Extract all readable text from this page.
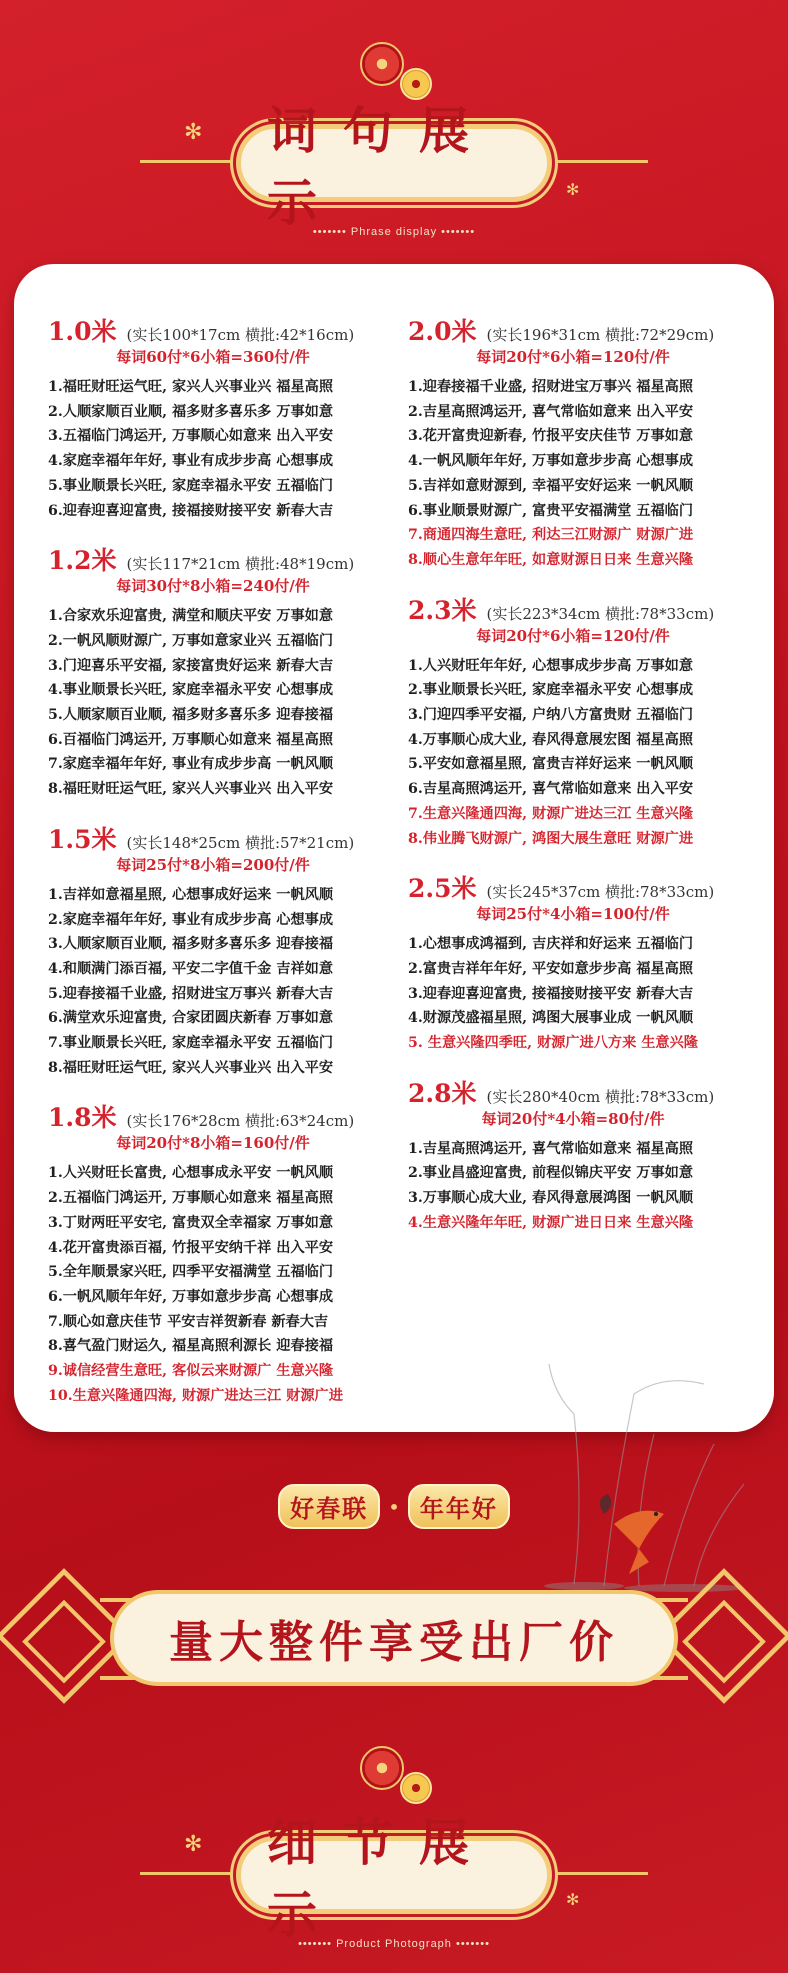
✻
✻
词句展示
••••••• Phrase display •••••••
1.0米 (实长100*17cm 横批:42*16cm)
每词60付*6小箱=360付/件
1.福旺财旺运气旺, 家兴人兴事业兴 福星高照
2.人顺家顺百业顺, 福多财多喜乐多 万事如意
3.五福临门鸿运开, 万事顺心如意来 出入平安
4.家庭幸福年年好, 事业有成步步高 心想事成
5.事业顺景长兴旺, 家庭幸福永平安 五福临门
6.迎春迎喜迎富贵, 接福接财接平安 新春大吉
1.2米 (实长117*21cm 横批:48*19cm)
每词30付*8小箱=240付/件
1.合家欢乐迎富贵, 满堂和顺庆平安 万事如意
2.一帆风顺财源广, 万事如意家业兴 五福临门
3.门迎喜乐平安福, 家接富贵好运来 新春大吉
4.事业顺景长兴旺, 家庭幸福永平安 心想事成
5.人顺家顺百业顺, 福多财多喜乐多 迎春接福
6.百福临门鸿运开, 万事顺心如意来 福星高照
7.家庭幸福年年好, 事业有成步步高 一帆风顺
8.福旺财旺运气旺, 家兴人兴事业兴 出入平安
1.5米 (实长148*25cm 横批:57*21cm)
每词25付*8小箱=200付/件
1.吉祥如意福星照, 心想事成好运来 一帆风顺
2.家庭幸福年年好, 事业有成步步高 心想事成
3.人顺家顺百业顺, 福多财多喜乐多 迎春接福
4.和顺满门添百福, 平安二字值千金 吉祥如意
5.迎春接福千业盛, 招财进宝万事兴 新春大吉
6.满堂欢乐迎富贵, 合家团圆庆新春 万事如意
7.事业顺景长兴旺, 家庭幸福永平安 五福临门
8.福旺财旺运气旺, 家兴人兴事业兴 出入平安
1.8米 (实长176*28cm 横批:63*24cm)
每词20付*8小箱=160付/件
1.人兴财旺长富贵, 心想事成永平安 一帆风顺
2.五福临门鸿运开, 万事顺心如意来 福星高照
3.丁财两旺平安宅, 富贵双全幸福家 万事如意
4.花开富贵添百福, 竹报平安纳千祥 出入平安
5.全年顺景家兴旺, 四季平安福满堂 五福临门
6.一帆风顺年年好, 万事如意步步高 心想事成
7.顺心如意庆佳节 平安吉祥贺新春 新春大吉
8.喜气盈门财运久, 福星高照利源长 迎春接福
9.诚信经营生意旺, 客似云来财源广 生意兴隆
10.生意兴隆通四海, 财源广进达三江 财源广进
2.0米 (实长196*31cm 横批:72*29cm)
每词20付*6小箱=120付/件
1.迎春接福千业盛, 招财进宝万事兴 福星高照
2.吉星高照鸿运开, 喜气常临如意来 出入平安
3.花开富贵迎新春, 竹报平安庆佳节 万事如意
4.一帆风顺年年好, 万事如意步步高 心想事成
5.吉祥如意财源到, 幸福平安好运来 一帆风顺
6.事业顺景财源广, 富贵平安福满堂 五福临门
7.商通四海生意旺, 利达三江财源广 财源广进
8.顺心生意年年旺, 如意财源日日来 生意兴隆
2.3米 (实长223*34cm 横批:78*33cm)
每词20付*6小箱=120付/件
1.人兴财旺年年好, 心想事成步步高 万事如意
2.事业顺景长兴旺, 家庭幸福永平安 心想事成
3.门迎四季平安福, 户纳八方富贵财 五福临门
4.万事顺心成大业, 春风得意展宏图 福星高照
5.平安如意福星照, 富贵吉祥好运来 一帆风顺
6.吉星高照鸿运开, 喜气常临如意来 出入平安
7.生意兴隆通四海, 财源广进达三江 生意兴隆
8.伟业腾飞财源广, 鸿图大展生意旺 财源广进
2.5米 (实长245*37cm 横批:78*33cm)
每词25付*4小箱=100付/件
1.心想事成鸿福到, 吉庆祥和好运来 五福临门
2.富贵吉祥年年好, 平安如意步步高 福星高照
3.迎春迎喜迎富贵, 接福接财接平安 新春大吉
4.财源茂盛福星照, 鸿图大展事业成 一帆风顺
5. 生意兴隆四季旺, 财源广进八方来 生意兴隆
2.8米 (实长280*40cm 横批:78*33cm)
每词20付*4小箱=80付/件
1.吉星高照鸿运开, 喜气常临如意来 福星高照
2.事业昌盛迎富贵, 前程似锦庆平安 万事如意
3.万事顺心成大业, 春风得意展鸿图 一帆风顺
4.生意兴隆年年旺, 财源广进日日来 生意兴隆
好春联	• 年年好
量大整件享受出厂价
✻
✻
细节展示
••••••• Product Photograph •••••••
